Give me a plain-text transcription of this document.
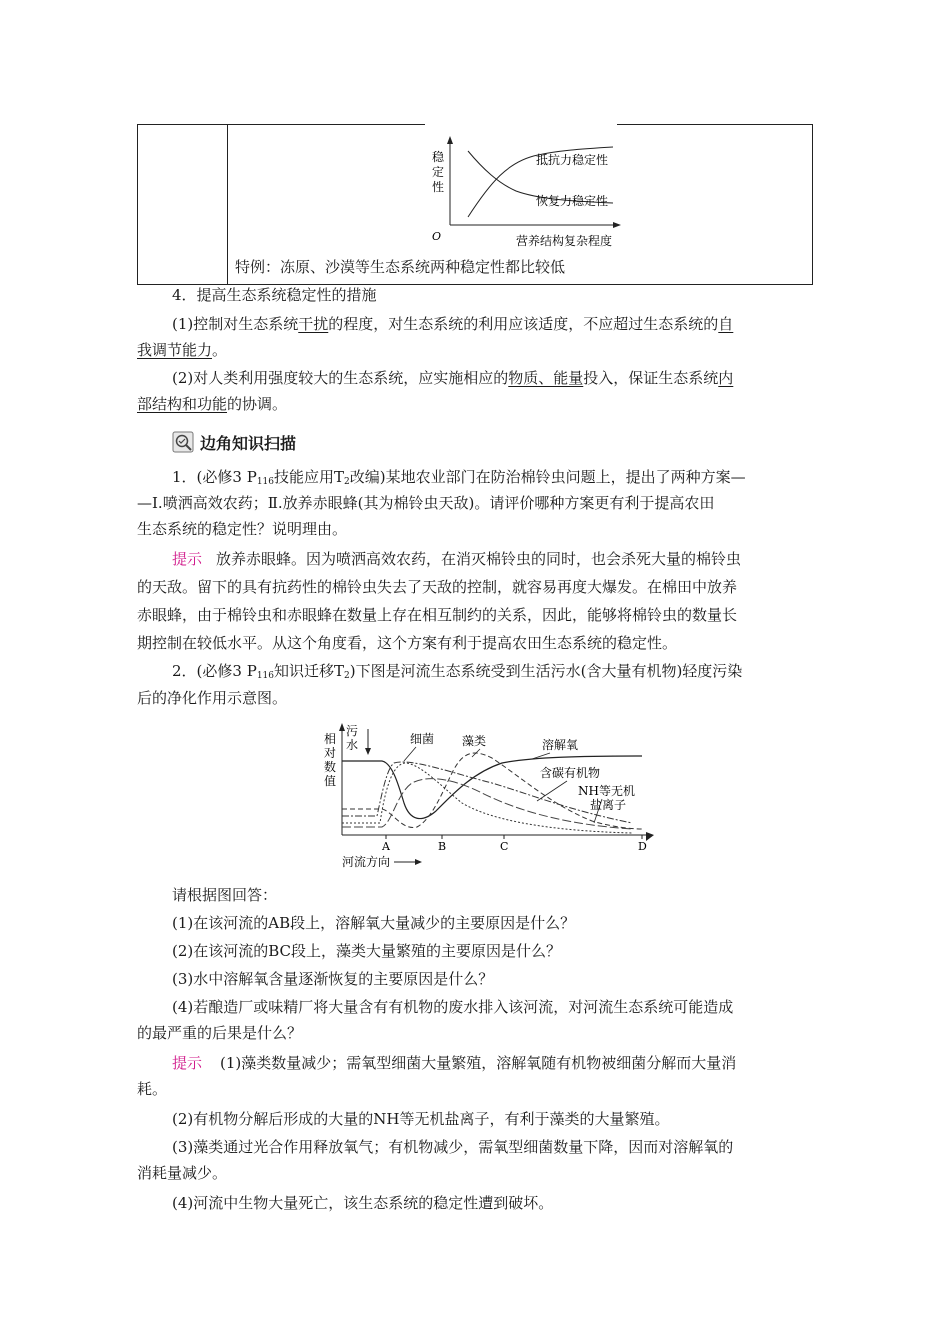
稳
定
性
O
抵抗力稳定性
恢复力稳定性
营养结构复杂程度
特例：冻原、沙漠等生态系统两种稳定性都比较低
4．提高生态系统稳定性的措施
(1)控制对生态系统干扰的程度，对生态系统的利用应该适度，不应超过生态系统的自
我调节能力。
(2)对人类利用强度较大的生态系统，应实施相应的物质、能量投入，保证生态系统内
部结构和功能的协调。
边角知识扫描
1．(必修3 $P_{116}$技能应用$T_2$改编)某地农业部门在防治棉铃虫问题上，提出了两种方案—
—Ⅰ.喷洒高效农药；Ⅱ.放养赤眼蜂(其为棉铃虫天敌)。请评价哪种方案更有利于提高农田
生态系统的稳定性？说明理由。
提示 放养赤眼蜂。因为喷洒高效农药，在消灭棉铃虫的同时，也会杀死大量的棉铃虫
的天敌。留下的具有抗药性的棉铃虫失去了天敌的控制，就容易再度大爆发。在棉田中放养
赤眼蜂，由于棉铃虫和赤眼蜂在数量上存在相互制约的关系，因此，能够将棉铃虫的数量长
期控制在较低水平。从这个角度看，这个方案有利于提高农田生态系统的稳定性。
2．(必修3 $P_{116}$知识迁移$T_2$)下图是河流生态系统受到生活污水(含大量有机物)轻度污染
后的净化作用示意图。
相
对
数
值
污
水	细菌 藻类	溶解氧
含碳有机物
NH等无机
盐离子
A	B	C	D
河流方向
请根据图回答：
(1)在该河流的AB段上，溶解氧大量减少的主要原因是什么？
(2)在该河流的BC段上，藻类大量繁殖的主要原因是什么？
(3)水中溶解氧含量逐渐恢复的主要原因是什么？
(4)若酿造厂或味精厂将大量含有有机物的废水排入该河流，对河流生态系统可能造成
的最严重的后果是什么？
提示 (1)藻类数量减少；需氧型细菌大量繁殖，溶解氧随有机物被细菌分解而大量消
耗。
(2)有机物分解后形成的大量的NH等无机盐离子，有利于藻类的大量繁殖。
(3)藻类通过光合作用释放氧气；有机物减少，需氧型细菌数量下降，因而对溶解氧的
消耗量减少。
(4)河流中生物大量死亡，该生态系统的稳定性遭到破坏。
